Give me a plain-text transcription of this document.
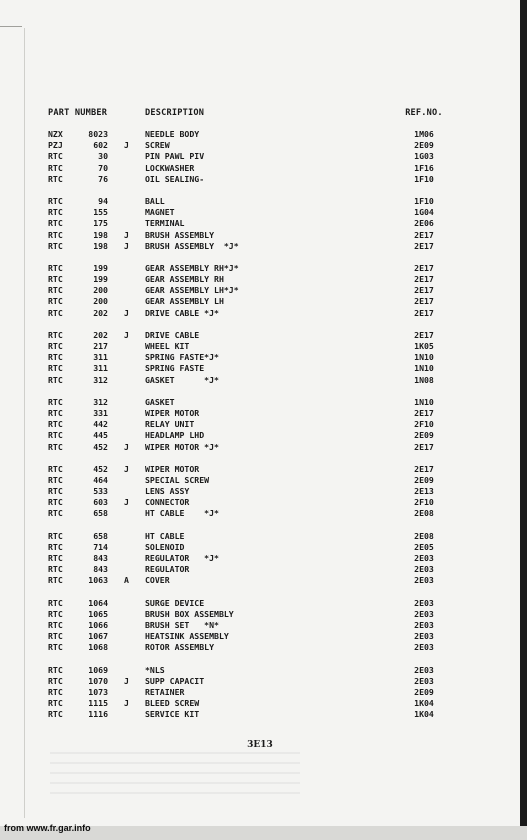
PART NUMBER	DESCRIPTION	REF.NO.
NZX	8023	NEEDLE BODY	1M06
PZJ	602	J	SCREW	2E09
RTC	30	PIN PAWL PIV	1G03
RTC	70	LOCKWASHER	1F16
RTC	76	OIL SEALING-	1F10
RTC	94	BALL	1F10
RTC	155	MAGNET	1G04
RTC	175	TERMINAL	2E06
RTC	198	J	BRUSH ASSEMBLY	2E17
RTC	198	J	BRUSH ASSEMBLY  *J*	2E17
RTC	199	GEAR ASSEMBLY RH*J*	2E17
RTC	199	GEAR ASSEMBLY RH	2E17
RTC	200	GEAR ASSEMBLY LH*J*	2E17
RTC	200	GEAR ASSEMBLY LH	2E17
RTC	202	J	DRIVE CABLE *J*	2E17
RTC	202	J	DRIVE CABLE	2E17
RTC	217	WHEEL KIT	1K05
RTC	311	SPRING FASTE*J*	1N10
RTC	311	SPRING FASTE	1N10
RTC	312	GASKET      *J*	1N08
RTC	312	GASKET	1N10
RTC	331	WIPER MOTOR	2E17
RTC	442	RELAY UNIT	2F10
RTC	445	HEADLAMP LHD	2E09
RTC	452	J	WIPER MOTOR *J*	2E17
RTC	452	J	WIPER MOTOR	2E17
RTC	464	SPECIAL SCREW	2E09
RTC	533	LENS ASSY	2E13
RTC	603	J	CONNECTOR	2F10
RTC	658	HT CABLE    *J*	2E08
RTC	658	HT CABLE	2E08
RTC	714	SOLENOID	2E05
RTC	843	REGULATOR   *J*	2E03
RTC	843	REGULATOR	2E03
RTC	1063	A	COVER	2E03
RTC	1064	SURGE DEVICE	2E03
RTC	1065	BRUSH BOX ASSEMBLY	2E03
RTC	1066	BRUSH SET   *N*	2E03
RTC	1067	HEATSINK ASSEMBLY	2E03
RTC	1068	ROTOR ASSEMBLY	2E03
RTC	1069	*NLS	2E03
RTC	1070	J	SUPP CAPACIT	2E03
RTC	1073	RETAINER	2E09
RTC	1115	J	BLEED SCREW	1K04
RTC	1116	SERVICE KIT	1K04
3E13
from www.fr.gar.info
